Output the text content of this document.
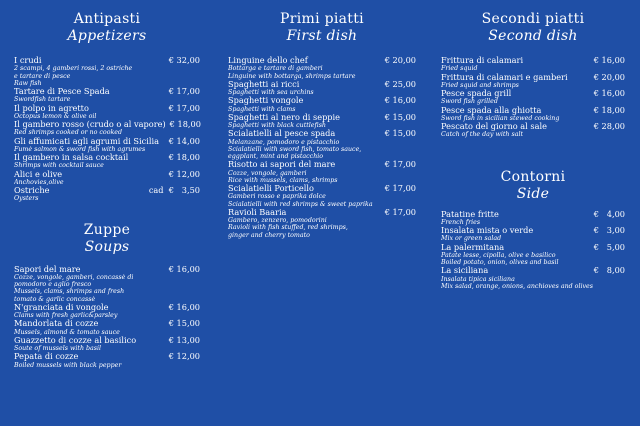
Antipasti
Appetizers
I crudi	€ 32,00
2 scampi, 4 gamberi rossi, 2 ostriche
e tartare di pesce
Raw fish
Tartare di Pesce Spada	€ 17,00
Swordfish tartare
Il polpo in agretto	€ 17,00
Octopus lemon & olive oil
Il gambero rosso (crudo o al vapore) € 18,00
Red shrimps cooked or no cooked
Gli affumicati agli agrumi di Sicilia	€ 14,00
Fumè salmon & sword fish with agrumes
Il gambero in salsa cocktail	€ 18,00
Shrimps with cocktail sauce
Alici e olive	€ 12,00
Anchovies,olive
Ostriche	cad  €   3,50
Oysters
Zuppe
Soups
Sapori del mare	€ 16,00
Cozze, vongole, gamberi, concassè di
pomodoro e aglio fresco
Mussels, clams, shrimps and fresh
tomato & garlic concassè
N'granciata di vongole	€ 16,00
Clams with fresh garlic&parsley
Mandorlata di cozze	€ 15,00
Mussels, almond & tomato sauce
Guazzetto di cozze al basilico	€ 13,00
Soute of mussels with basil
Pepata di cozze	€ 12,00
Boiled mussels with black pepper
Primi piatti
First dish
Linguine dello chef	€ 20,00
Bottarga e tartare di gamberi
Linguine with bottarga, shrimps tartare
Spaghetti ai ricci	€ 25,00
Spaghetti with sea urchins
Spaghetti vongole	€ 16,00
Spaghetti with clams
Spaghetti al nero di seppie	€ 15,00
Spaghetti with black cuttlefish
Scialatielli al pesce spada	€ 15,00
Melanzane, pomodoro e pistacchio
Scialatielli with sword fish, tomato sauce,
eggplant, mint and pistacchio
Risotto ai sapori del mare	€ 17,00
Cozze, vongole, gamberi
Rice with mussels, clams, shrimps
Scialatielli Porticello	€ 17,00
Gamberi rosso e paprika dolce
Scialatielli with red shrimps & sweet paprika
Ravioli Baaria	€ 17,00
Gambero, zenzero, pomodorini
Ravioli with fish stuffed, red shrimps,
ginger and cherry tomato
Secondi piatti
Second dish
Frittura di calamari	€ 16,00
Fried squid
Frittura di calamari e gamberi	€ 20,00
Fried squid and shrimps
Pesce spada grill	€ 16,00
Sword fish grilled
Pesce spada alla ghiotta	€ 18,00
Sword fish in sicilian stewed cooking
Pescato del giorno al sale	€ 28,00
Catch of the day with salt
Contorni
Side
Patatine fritte	€   4,00
French fries
Insalata mista o verde	€   3,00
Mix or green salad
La palermitana	€   5,00
Patate lesse, cipolla, olive e basilico
Boiled potato, onion, olives and basil
La siciliana	€   8,00
Insalata tipica siciliana
Mix salad, orange, onions, anchioves and olives
